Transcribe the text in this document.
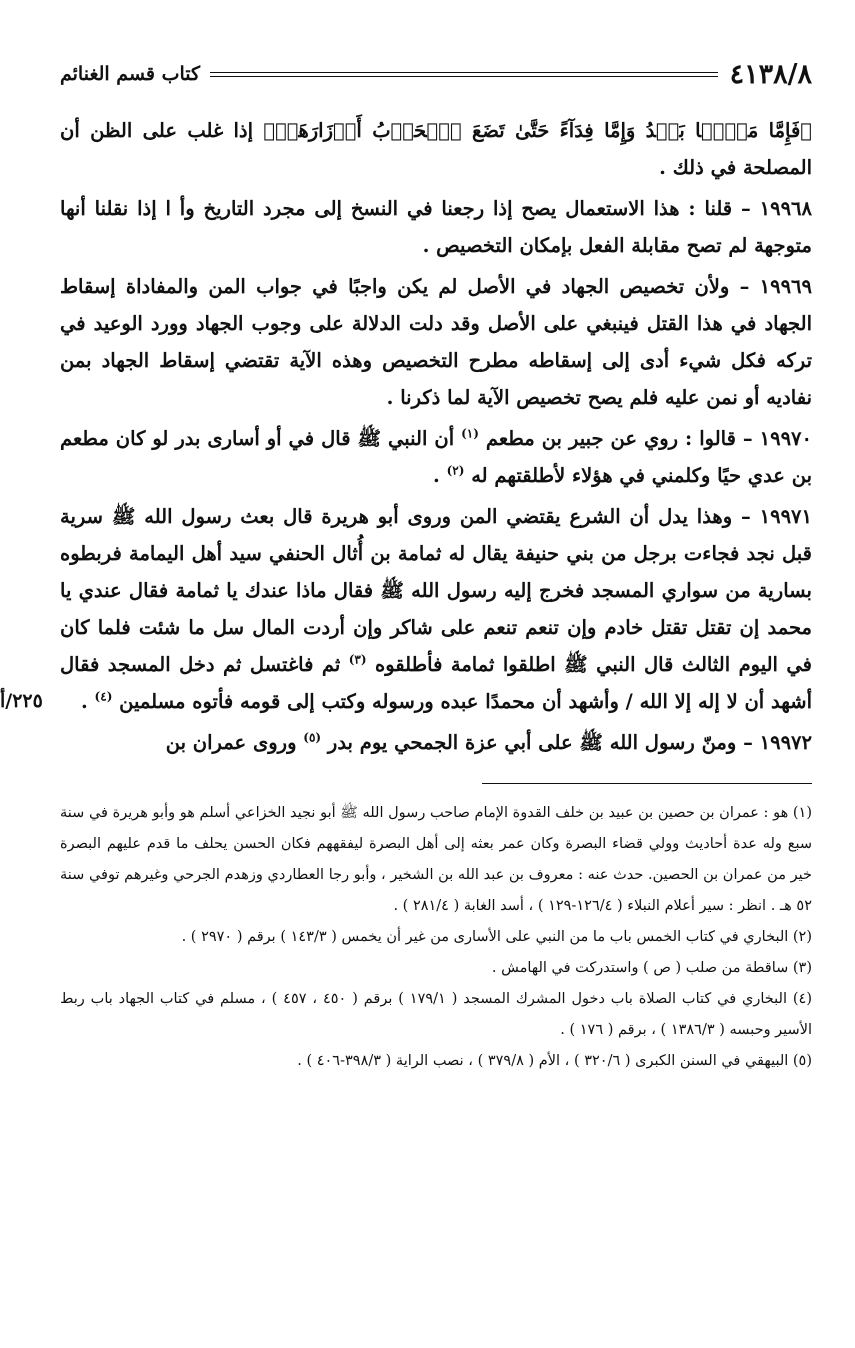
٤١٣٨/٨
كتاب قسم الغنائم

﴿فَإِمَّا مَنًّۢا بَعۡدُ وَإِمَّا فِدَآءً حَتَّىٰ تَضَعَ ٱلۡحَرۡبُ أَوۡزَارَهَاۚ﴾ إذا غلب على الظن أن المصلحة في ذلك .

١٩٩٦٨ – قلنا : هذا الاستعمال يصح إذا رجعنا في النسخ إلى مجرد التاريخ وأ ا إذا نقلنا أنها متوجهة لم تصح مقابلة الفعل بإمكان التخصيص .

١٩٩٦٩ – ولأن تخصيص الجهاد في الأصل لم يكن واجبًا في جواب المن والمفاداة إسقاط الجهاد في هذا القتل فينبغي على الأصل وقد دلت الدلالة على وجوب الجهاد وورد الوعيد في تركه فكل شيء أدى إلى إسقاطه مطرح التخصيص وهذه الآية تقتضي إسقاط الجهاد بمن نفاديه أو نمن عليه فلم يصح تخصيص الآية لما ذكرنا .

١٩٩٧٠ – قالوا : روي عن جبير بن مطعم $^{(١)}$ أن النبي ﷺ قال في أو أسارى بدر لو كان مطعم بن عدي حيًا وكلمني في هؤلاء لأطلقتهم له $^{(٢)}$ .

٢٢٥/أ
١٩٩٧١ – وهذا يدل أن الشرع يقتضي المن وروى أبو هريرة قال بعث رسول الله ﷺ سرية قبل نجد فجاءت برجل من بني حنيفة يقال له ثمامة بن أُثال الحنفي سيد أهل اليمامة فربطوه بسارية من سواري المسجد فخرج إليه رسول الله ﷺ فقال ماذا عندك يا ثمامة فقال عندي يا محمد إن تقتل تقتل خادم وإن تنعم تنعم على شاكر وإن أردت المال سل ما شئت فلما كان في اليوم الثالث قال النبي ﷺ اطلقوا ثمامة فأطلقوه $^{(٣)}$ ثم فاغتسل ثم دخل المسجد فقال أشهد أن لا إله إلا الله / وأشهد أن محمدًا عبده ورسوله وكتب إلى قومه فأتوه مسلمين $^{(٤)}$ .

١٩٩٧٢ – ومنّ رسول الله ﷺ على أبي عزة الجمحي يوم بدر $^{(٥)}$ وروى عمران بن

(١) هو : عمران بن حصين بن عبيد بن خلف القدوة الإمام صاحب رسول الله ﷺ أبو نجيد الخزاعي أسلم هو وأبو هريرة في سنة سبع وله عدة أحاديث وولي قضاء البصرة وكان عمر بعثه إلى أهل البصرة ليفقههم فكان الحسن يحلف ما قدم عليهم البصرة خير من عمران بن الحصين. حدث عنه : معروف بن عبد الله بن الشخير ، وأبو رجا العطاردي وزهدم الجرحي وغيرهم توفي سنة ٥٢ هـ . انظر : سير أعلام النبلاء ( ١٢٦/٤-١٢٩ ) ، أسد الغابة ( ٢٨١/٤ ) .

(٢) البخاري في كتاب الخمس باب ما من النبي على الأسارى من غير أن يخمس ( ١٤٣/٣ ) برقم ( ٢٩٧٠ ) .

(٣) ساقطة من صلب ( ص ) واستدركت في الهامش .

(٤) البخاري في كتاب الصلاة باب دخول المشرك المسجد ( ١٧٩/١ ) برقم ( ٤٥٠ ، ٤٥٧ ) ، مسلم في كتاب الجهاد باب ربط الأسير وحبسه ( ١٣٨٦/٣ ) ، برقم ( ١٧٦ ) .

(٥) البيهقي في السنن الكبرى ( ٣٢٠/٦ ) ، الأم ( ٣٧٩/٨ ) ، نصب الراية ( ٣٩٨/٣-٤٠٦ ) .
